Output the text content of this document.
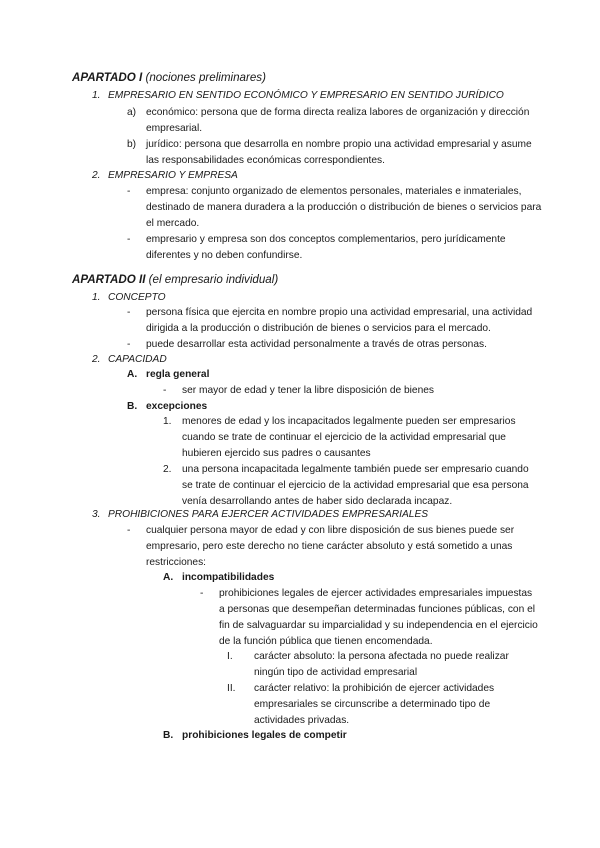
APARTADO I (nociones preliminares)
1. EMPRESARIO EN SENTIDO ECONÓMICO Y EMPRESARIO EN SENTIDO JURÍDICO
a) económico: persona que de forma directa realiza labores de organización y dirección
empresarial.
b) jurídico: persona que desarrolla en nombre propio una actividad empresarial y asume
las responsabilidades económicas correspondientes.
2. EMPRESARIO Y EMPRESA
- empresa: conjunto organizado de elementos personales, materiales e inmateriales,
destinado de manera duradera a la producción o distribución de bienes o servicios para
el mercado.
- empresario y empresa son dos conceptos complementarios, pero jurídicamente
diferentes y no deben confundirse.
APARTADO II (el empresario individual)
1. CONCEPTO
- persona física que ejercita en nombre propio una actividad empresarial, una actividad
dirigida a la producción o distribución de bienes o servicios para el mercado.
- puede desarrollar esta actividad personalmente a través de otras personas.
2. CAPACIDAD
A. regla general
- ser mayor de edad y tener la libre disposición de bienes
B. excepciones
1. menores de edad y los incapacitados legalmente pueden ser empresarios
cuando se trate de continuar el ejercicio de la actividad empresarial que
hubieren ejercido sus padres o causantes
2. una persona incapacitada legalmente también puede ser empresario cuando
se trate de continuar el ejercicio de la actividad empresarial que esa persona
venía desarrollando antes de haber sido declarada incapaz.
3. PROHIBICIONES PARA EJERCER ACTIVIDADES EMPRESARIALES
- cualquier persona mayor de edad y con libre disposición de sus bienes puede ser
empresario, pero este derecho no tiene carácter absoluto y está sometido a unas
restricciones:
A. incompatibilidades
- prohibiciones legales de ejercer actividades empresariales impuestas
a personas que desempeñan determinadas funciones públicas, con el
fin de salvaguardar su imparcialidad y su independencia en el ejercicio
de la función pública que tienen encomendada.
I. carácter absoluto: la persona afectada no puede realizar
ningún tipo de actividad empresarial
II. carácter relativo: la prohibición de ejercer actividades
empresariales se circunscribe a determinado tipo de
actividades privadas.
B. prohibiciones legales de competir
